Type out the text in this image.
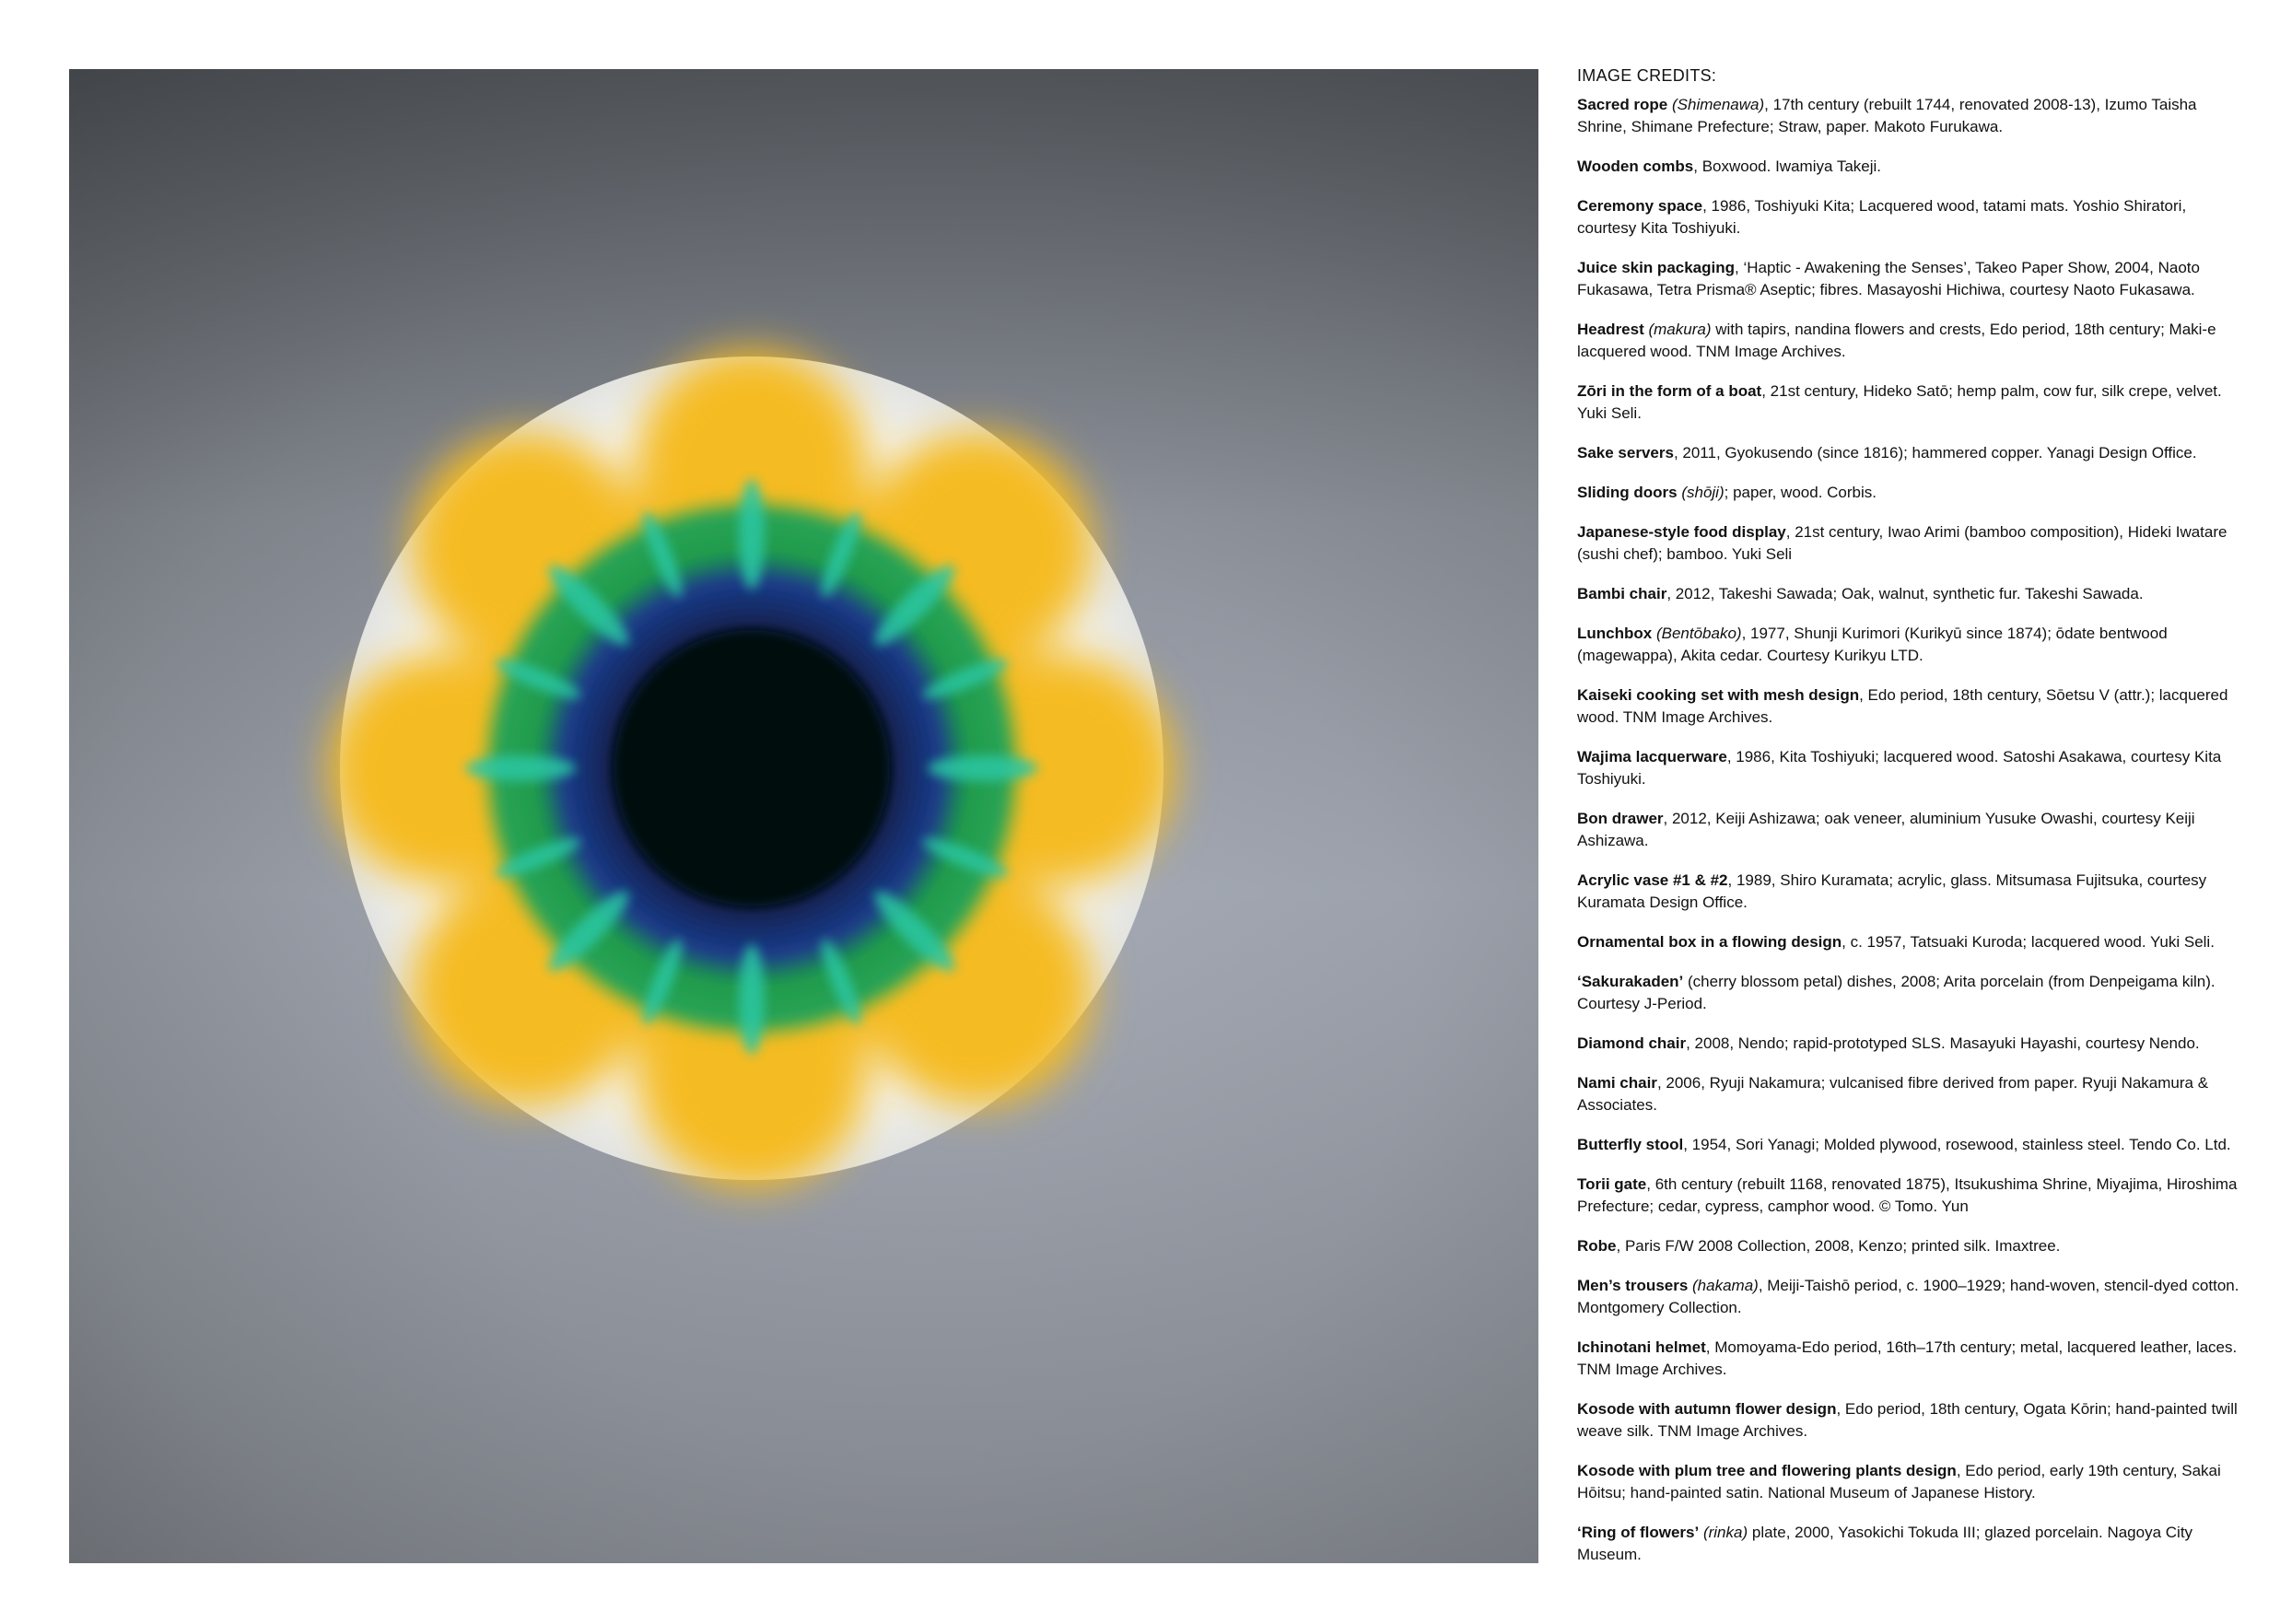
IMAGE CREDITS:
Sacred rope (Shimenawa), 17th century (rebuilt 1744, renovated 2008-13), Izumo Taisha Shrine, Shimane Prefecture; Straw, paper. Makoto Furukawa.
Wooden combs, Boxwood. Iwamiya Takeji.
Ceremony space, 1986, Toshiyuki Kita; Lacquered wood, tatami mats. Yoshio Shiratori, courtesy Kita Toshiyuki.
Juice skin packaging, ‘Haptic - Awakening the Senses’, Takeo Paper Show, 2004, Naoto Fukasawa, Tetra Prisma® Aseptic; fibres. Masayoshi Hichiwa, courtesy Naoto Fukasawa.
Headrest (makura) with tapirs, nandina flowers and crests, Edo period, 18th century; Maki-e lacquered wood. TNM Image Archives.
Zōri in the form of a boat, 21st century, Hideko Satō; hemp palm, cow fur, silk crepe, velvet. Yuki Seli.
Sake servers, 2011, Gyokusendo (since 1816); hammered copper. Yanagi Design Office.
Sliding doors (shōji); paper, wood. Corbis.
Japanese-style food display, 21st century, Iwao Arimi (bamboo composition), Hideki Iwatare (sushi chef); bamboo. Yuki Seli
Bambi chair, 2012, Takeshi Sawada; Oak, walnut, synthetic fur. Takeshi Sawada.
Lunchbox (Bentōbako), 1977, Shunji Kurimori (Kurikyū since 1874); ōdate bentwood (magewappa), Akita cedar. Courtesy Kurikyu LTD.
Kaiseki cooking set with mesh design, Edo period, 18th century, Sōetsu V (attr.); lacquered wood. TNM Image Archives.
Wajima lacquerware, 1986, Kita Toshiyuki; lacquered wood. Satoshi Asakawa, courtesy Kita Toshiyuki.
Bon drawer, 2012, Keiji Ashizawa; oak veneer, aluminium Yusuke Owashi, courtesy Keiji Ashizawa.
Acrylic vase #1 & #2, 1989, Shiro Kuramata; acrylic, glass. Mitsumasa Fujitsuka, courtesy Kuramata Design Office.
Ornamental box in a flowing design, c. 1957, Tatsuaki Kuroda; lacquered wood. Yuki Seli.
‘Sakurakaden’ (cherry blossom petal) dishes, 2008; Arita porcelain (from Denpeigama kiln). Courtesy J-Period.
Diamond chair, 2008, Nendo; rapid-prototyped SLS. Masayuki Hayashi, courtesy Nendo.
Nami chair, 2006, Ryuji Nakamura; vulcanised fibre derived from paper. Ryuji Nakamura & Associates.
Butterfly stool, 1954, Sori Yanagi; Molded plywood, rosewood, stainless steel. Tendo Co. Ltd.
Torii gate, 6th century (rebuilt 1168, renovated 1875), Itsukushima Shrine, Miyajima, Hiroshima Prefecture; cedar, cypress, camphor wood. © Tomo. Yun
Robe, Paris F/W 2008 Collection, 2008, Kenzo; printed silk. Imaxtree.
Men’s trousers (hakama), Meiji-Taishō period, c. 1900–1929; hand-woven, stencil-dyed cotton. Montgomery Collection.
Ichinotani helmet, Momoyama-Edo period, 16th–17th century; metal, lacquered leather, laces. TNM Image Archives.
Kosode with autumn flower design, Edo period, 18th century, Ogata Kōrin; hand-painted twill weave silk. TNM Image Archives.
Kosode with plum tree and flowering plants design, Edo period, early 19th century, Sakai Hōitsu; hand-painted satin. National Museum of Japanese History.
‘Ring of flowers’ (rinka) plate, 2000, Yasokichi Tokuda III; glazed porcelain. Nagoya City Museum.
